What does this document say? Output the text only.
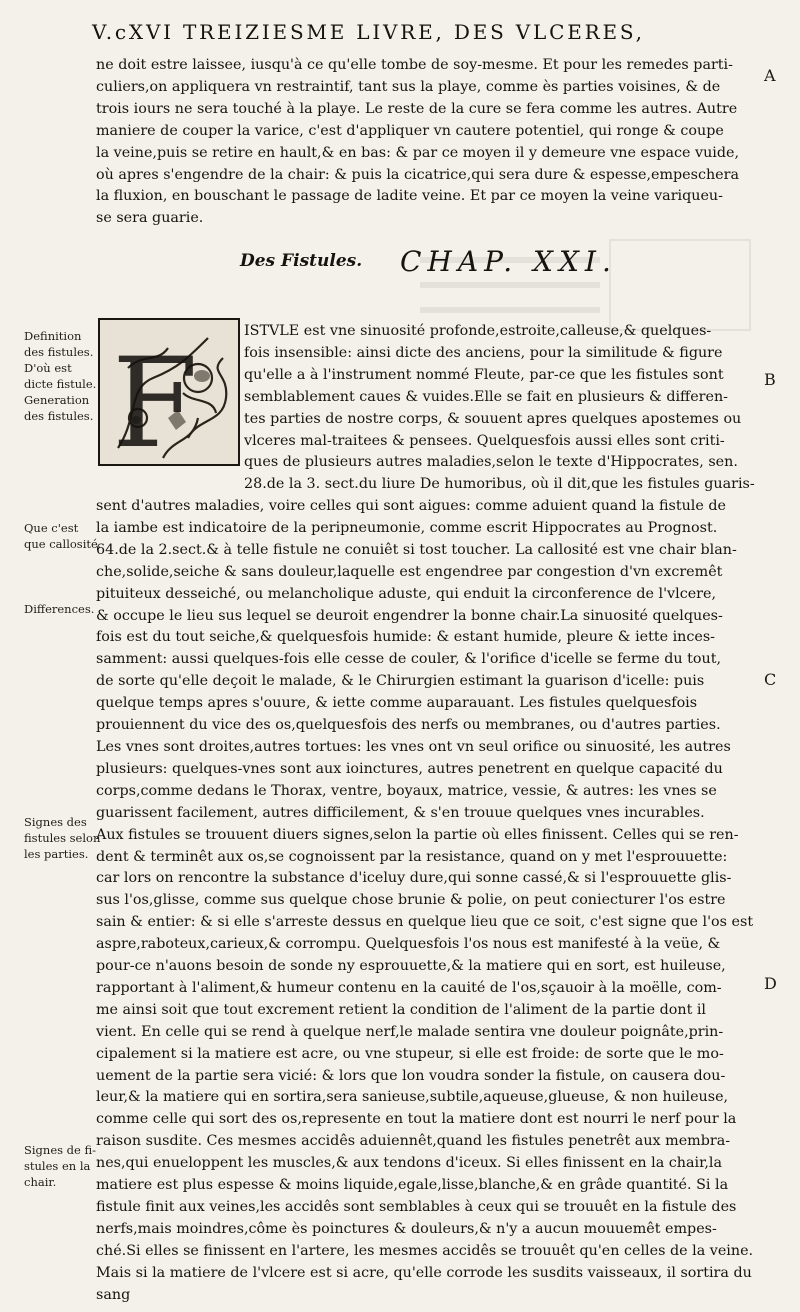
V.cXVI TREIZIESME LIVRE, DES VLCERES,
A
B
C
D
ne doit estre laissee, iusqu'à ce qu'elle tombe de soy-mesme. Et pour les remedes parti-
culiers,on appliquera vn restraintif, tant sus la playe, comme ès parties voisines, & de
trois iours ne sera touché à la playe. Le reste de la cure se fera comme les autres. Autre
maniere de couper la varice, c'est d'appliquer vn cautere potentiel, qui ronge & coupe
la veine,puis se retire en hault,& en bas: & par ce moyen il y demeure vne espace vuide,
où apres s'engendre de la chair: & puis la cicatrice,qui sera dure & espesse,empeschera
la fluxion, en bouschant le passage de ladite veine. Et par ce moyen la veine variqueu-
se sera guarie.
Des Fistules. CHAP. XXI.
F
ISTVLE est vne sinuosité profonde,estroite,calleuse,& quelques-
fois insensible: ainsi dicte des anciens, pour la similitude & figure
qu'elle a à l'instrument nommé Fleute, par-ce que les fistules sont
semblablement caues & vuides.Elle se fait en plusieurs & differen-
tes parties de nostre corps, & souuent apres quelques apostemes ou
vlceres mal-traitees & pensees. Quelquesfois aussi elles sont criti-
ques de plusieurs autres maladies,selon le texte d'Hippocrates, sen.
28.de la 3. sect.du liure De humoribus, où il dit,que les fistules guaris-
sent d'autres maladies, voire celles qui sont aigues: comme aduient quand la fistule de
la iambe est indicatoire de la peripneumonie, comme escrit Hippocrates au Prognost.
64.de la 2.sect.& à telle fistule ne conuiêt si tost toucher. La callosité est vne chair blan-
che,solide,seiche & sans douleur,laquelle est engendree par congestion d'vn excremêt
pituiteux desseiché, ou melancholique aduste, qui enduit la circonference de l'vlcere,
& occupe le lieu sus lequel se deuroit engendrer la bonne chair.La sinuosité quelques-
fois est du tout seiche,& quelquesfois humide: & estant humide, pleure & iette inces-
samment: aussi quelques-fois elle cesse de couler, & l'orifice d'icelle se ferme du tout,
de sorte qu'elle deçoit le malade, & le Chirurgien estimant la guarison d'icelle: puis
quelque temps apres s'ouure, & iette comme auparauant. Les fistules quelquesfois
prouiennent du vice des os,quelquesfois des nerfs ou membranes, ou d'autres parties.
Les vnes sont droites,autres tortues: les vnes ont vn seul orifice ou sinuosité, les autres
plusieurs: quelques-vnes sont aux ioinctures, autres penetrent en quelque capacité du
corps,comme dedans le Thorax, ventre, boyaux, matrice, vessie, & autres: les vnes se
guarissent facilement, autres difficilement, & s'en trouue quelques vnes incurables.
Aux fistules se trouuent diuers signes,selon la partie où elles finissent. Celles qui se ren-
dent & terminêt aux os,se cognoissent par la resistance, quand on y met l'esprouuette:
car lors on rencontre la substance d'iceluy dure,qui sonne cassé,& si l'esprouuette glis-
sus l'os,glisse, comme sus quelque chose brunie & polie, on peut coniecturer l'os estre
sain & entier: & si elle s'arreste dessus en quelque lieu que ce soit, c'est signe que l'os est
aspre,raboteux,carieux,& corrompu. Quelquesfois l'os nous est manifesté à la veüe, &
pour-ce n'auons besoin de sonde ny esprouuette,& la matiere qui en sort, est huileuse,
rapportant à l'aliment,& humeur contenu en la cauité de l'os,sçauoir à la moëlle, com-
me ainsi soit que tout excrement retient la condition de l'aliment de la partie dont il
vient. En celle qui se rend à quelque nerf,le malade sentira vne douleur poignâte,prin-
cipalement si la matiere est acre, ou vne stupeur, si elle est froide: de sorte que le mo-
uement de la partie sera vicié: & lors que lon voudra sonder la fistule, on causera dou-
leur,& la matiere qui en sortira,sera sanieuse,subtile,aqueuse,glueuse, & non huileuse,
comme celle qui sort des os,represente en tout la matiere dont est nourri le nerf pour la
raison susdite. Ces mesmes accidês aduiennêt,quand les fistules penetrêt aux membra-
nes,qui enueloppent les muscles,& aux tendons d'iceux. Si elles finissent en la chair,la
matiere est plus espesse & moins liquide,egale,lisse,blanche,& en grâde quantité. Si la
fistule finit aux veines,les accidês sont semblables à ceux qui se trouuêt en la fistule des
nerfs,mais moindres,côme ès poinctures & douleurs,& n'y a aucun mouuemêt empes-
ché.Si elles se finissent en l'artere, les mesmes accidês se trouuêt qu'en celles de la veine.
Mais si la matiere de l'vlcere est si acre, qu'elle corrode les susdits vaisseaux, il sortira du
sang
Definition
des fistules.
D'où est
dicte fistule.
Generation
des fistules.
Que c'est
que callosité.
Differences.
Signes des
fistules selon
les parties.
Signes de fi-
stules en la
chair.
